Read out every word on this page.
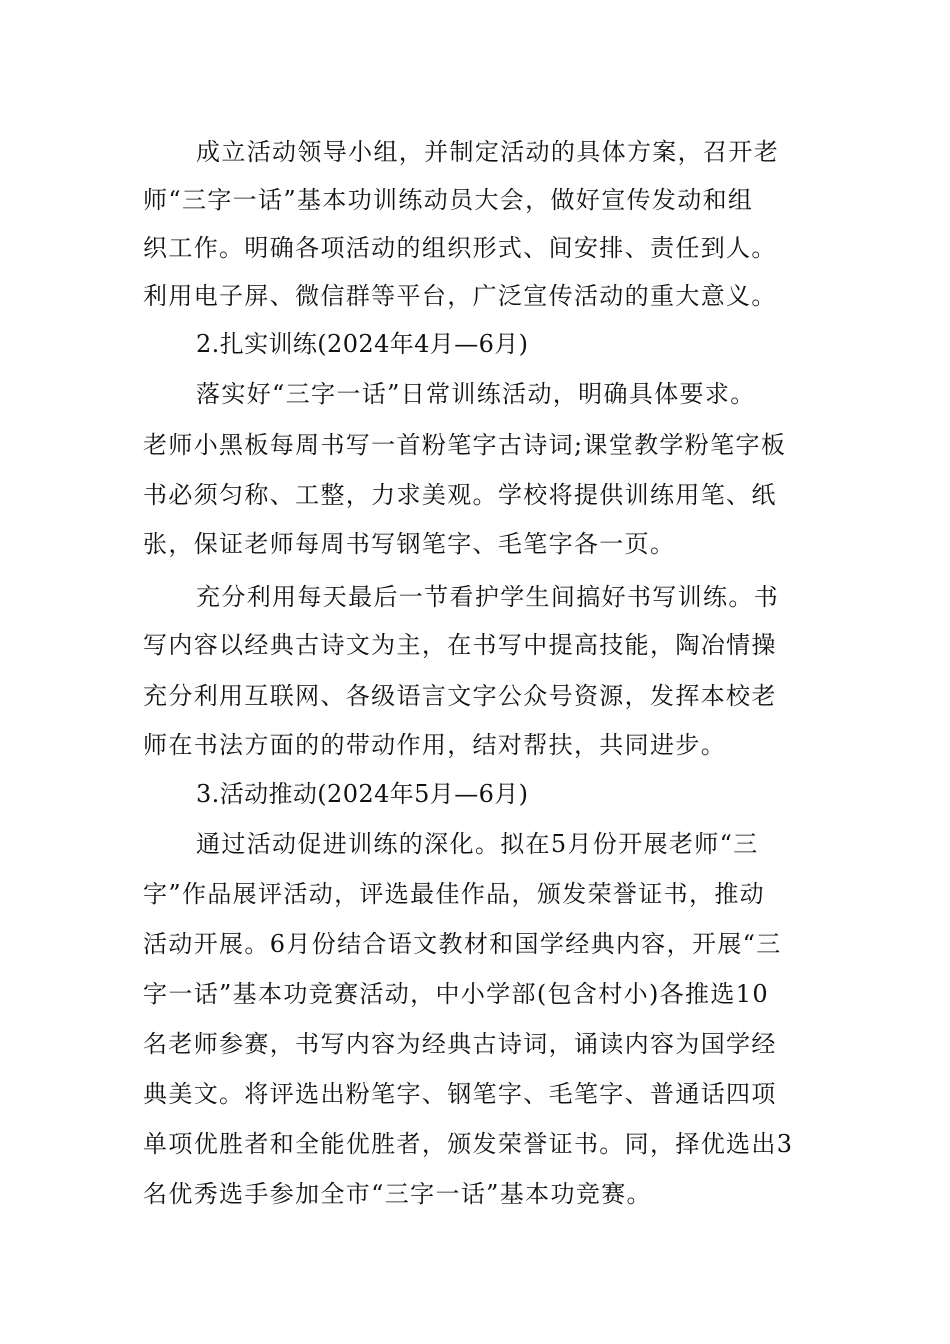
成立活动领导小组，并制定活动的具体方案，召开老
师“三字一话”基本功训练动员大会，做好宣传发动和组
织工作。明确各项活动的组织形式、间安排、责任到人。
利用电子屏、微信群等平台，广泛宣传活动的重大意义。
2.扎实训练(2024年4月—6月)
落实好“三字一话”日常训练活动，明确具体要求。
老师小黑板每周书写一首粉笔字古诗词;课堂教学粉笔字板
书必须匀称、工整，力求美观。学校将提供训练用笔、纸
张，保证老师每周书写钢笔字、毛笔字各一页。
充分利用每天最后一节看护学生间搞好书写训练。书
写内容以经典古诗文为主，在书写中提高技能，陶冶情操
充分利用互联网、各级语言文字公众号资源，发挥本校老
师在书法方面的的带动作用，结对帮扶，共同进步。
3.活动推动(2024年5月—6月)
通过活动促进训练的深化。拟在5月份开展老师“三
字”作品展评活动，评选最佳作品，颁发荣誉证书，推动
活动开展。6月份结合语文教材和国学经典内容，开展“三
字一话”基本功竞赛活动，中小学部(包含村小)各推选10
名老师参赛，书写内容为经典古诗词，诵读内容为国学经
典美文。将评选出粉笔字、钢笔字、毛笔字、普通话四项
单项优胜者和全能优胜者，颁发荣誉证书。同，择优选出3
名优秀选手参加全市“三字一话”基本功竞赛。
